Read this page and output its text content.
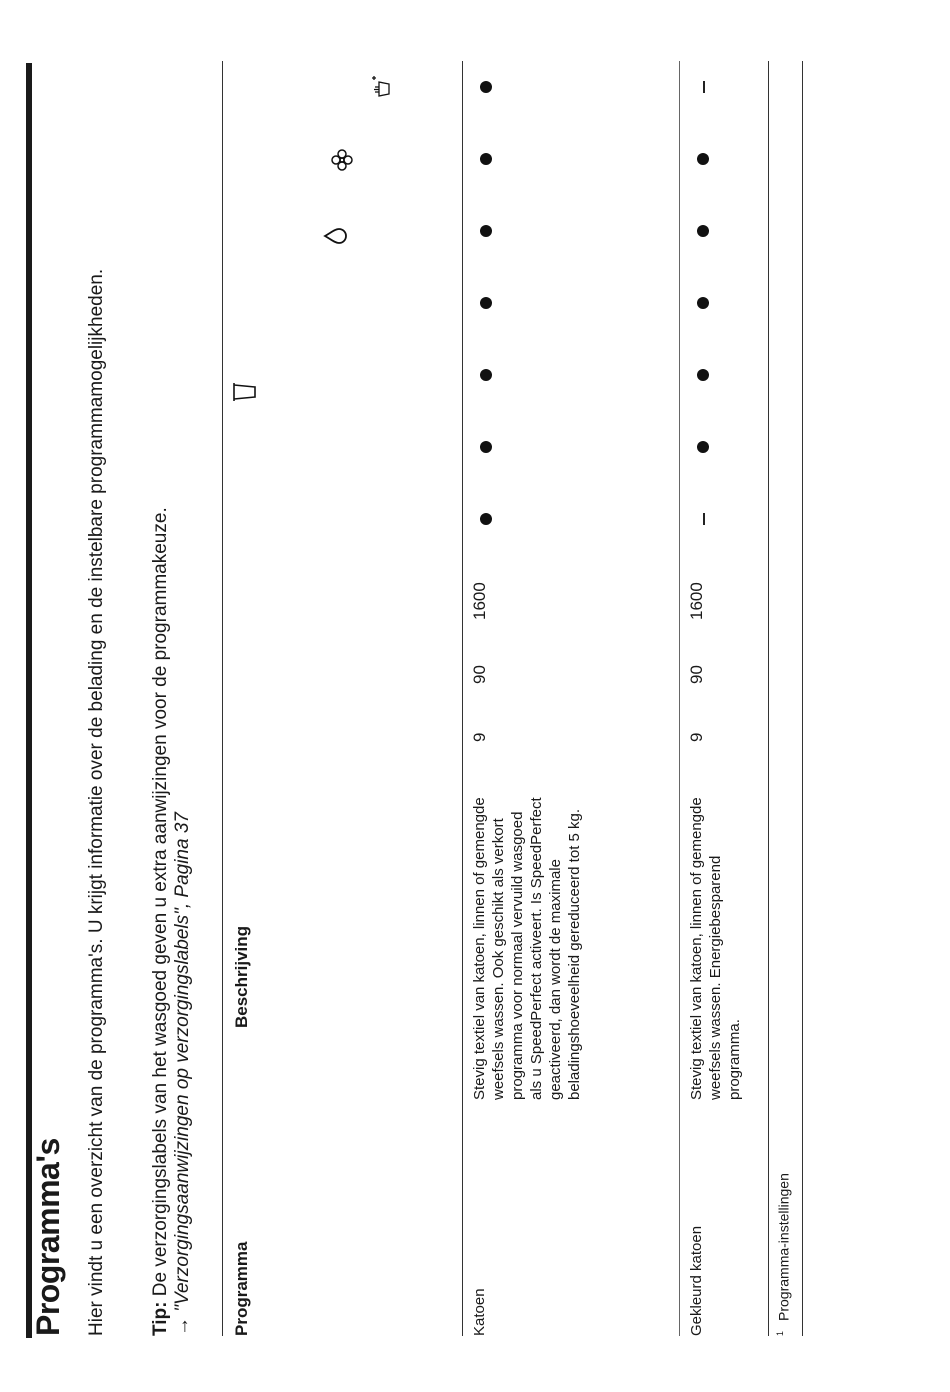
Programma's Hier vindt u een overzicht van de programma's. U krijgt informatie over de belading en de instelbare programmamogelijkheden. Tip: De verzorgingslabels van het wasgoed geven u extra aanwijzingen voor de programmakeuze.
→ "Verzorgingsaanwijzingen op verzorgingslabels", Pagina 37 Programma
Beschrijving
Katoen
Stevig textiel van katoen, linnen of gemengde weefsels wassen. Ook geschikt als verkort programma voor normaal vervuild wasgoed als u SpeedPerfect activeert. Is SpeedPerfect geactiveerd, dan wordt de maximale beladingshoeveelheid gereduceerd tot 5 kg.
9
90
1600
Gekleurd katoen
Stevig textiel van katoen, linnen of gemengde weefsels wassen. Energiebesparend programma.
9
90
1600
$^1$Programma-instellingen
